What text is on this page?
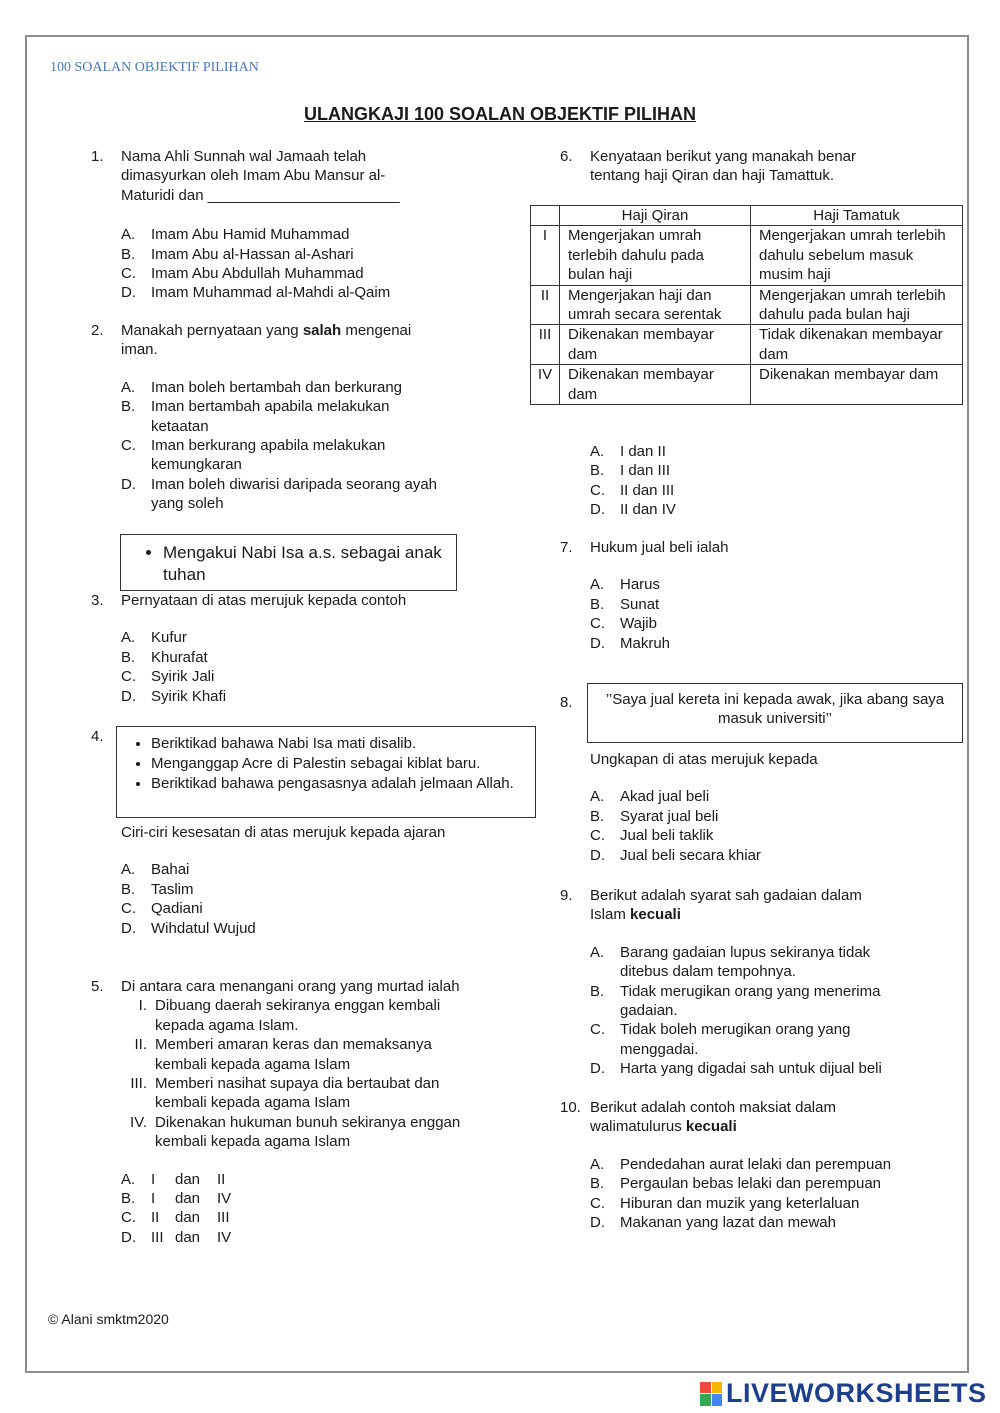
100 SOALAN OBJEKTIF PILIHAN
ULANGKAJI 100 SOALAN OBJEKTIF PILIHAN
1. Nama Ahli Sunnah wal Jamaah telah dimasyurkan oleh Imam Abu Mansur al-Maturidi dan _______________________
A. Imam Abu Hamid Muhammad
B. Imam Abu al-Hassan al-Ashari
C. Imam Abu Abdullah Muhammad
D. Imam Muhammad al-Mahdi al-Qaim
2. Manakah pernyataan yang salah mengenai iman.
A. Iman boleh bertambah dan berkurang
B. Iman bertambah apabila melakukan ketaatan
C. Iman berkurang apabila melakukan kemungkaran
D. Iman boleh diwarisi daripada seorang ayah yang soleh
• Mengakui Nabi Isa a.s. sebagai anak tuhan
3. Pernyataan di atas merujuk kepada contoh
A. Kufur
B. Khurafat
C. Syirik Jali
D. Syirik Khafi
4.	• Beriktikad bahawa Nabi Isa mati disalib.
• Menganggap Acre di Palestin sebagai kiblat baru.
• Beriktikad bahawa pengasasnya adalah jelmaan Allah.
Ciri-ciri kesesatan di atas merujuk kepada ajaran
A. Bahai
B. Taslim
C. Qadiani
D. Wihdatul Wujud
5. Di antara cara menangani orang yang murtad ialah
I. Dibuang daerah sekiranya enggan kembali kepada agama Islam.
II. Memberi amaran keras dan memaksanya kembali kepada agama Islam
III. Memberi nasihat supaya dia bertaubat dan kembali kepada agama Islam
IV. Dikenakan hukuman bunuh sekiranya enggan kembali kepada agama Islam
A. I dan II
B. I dan IV
C. II dan III
D. III dan IV
6. Kenyataan berikut yang manakah benar tentang haji Qiran dan haji Tamattuk.
	Haji Qiran	Haji Tamatuk
I	Mengerjakan umrah terlebih dahulu pada bulan haji	Mengerjakan umrah terlebih dahulu sebelum masuk musim haji
II	Mengerjakan haji dan umrah secara serentak	Mengerjakan umrah terlebih dahulu pada bulan haji
III	Dikenakan membayar dam	Tidak dikenakan membayar dam
IV	Dikenakan membayar dam	Dikenakan membayar dam
A. I dan II
B. I dan III
C. II dan III
D. II dan IV
7. Hukum jual beli ialah
A. Harus
B. Sunat
C. Wajib
D. Makruh
8.	’’Saya jual kereta ini kepada awak, jika abang saya masuk universiti’’
Ungkapan di atas merujuk kepada
A. Akad jual beli
B. Syarat jual beli
C. Jual beli taklik
D. Jual beli secara khiar
9. Berikut adalah syarat sah gadaian dalam Islam kecuali
A. Barang gadaian lupus sekiranya tidak ditebus dalam tempohnya.
B. Tidak merugikan orang yang menerima gadaian.
C. Tidak boleh merugikan orang yang menggadai.
D. Harta yang digadai sah untuk dijual beli
10. Berikut adalah contoh maksiat dalam walimatulurus kecuali
A. Pendedahan aurat lelaki dan perempuan
B. Pergaulan bebas lelaki dan perempuan
C. Hiburan dan muzik yang keterlaluan
D. Makanan yang lazat dan mewah
© Alani smktm2020
LIVEWORKSHEETS
